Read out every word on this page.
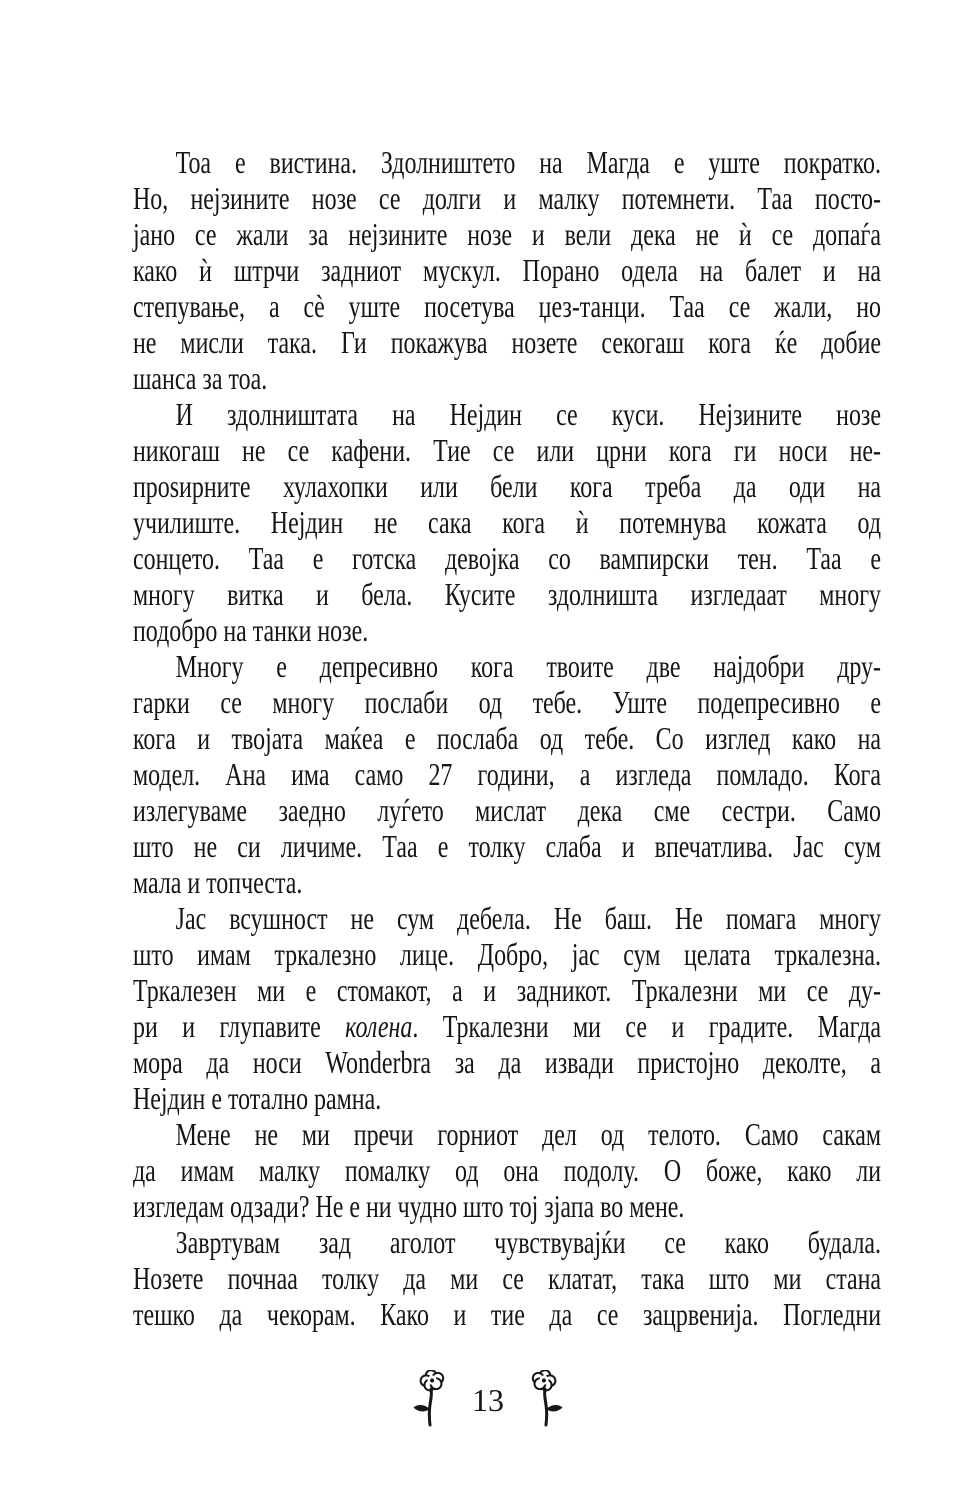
Тоа е вистина. Здолништето на Магда е уште пократко.
Но, нејзините нозе се долги и малку потемнети. Таа посто-
јано се жали за нејзините нозе и вели дека не ѝ се допаѓа
како ѝ штрчи задниот мускул. Порано одела на балет и на
степување, а сè уште посетува џез-танци. Таа се жали, но
не мисли така. Ги покажува нозете секогаш кога ќе добие
шанса за тоа.
И здолништата на Нејдин се куси. Нејзините нозе
никогаш не се кафени. Тие се или црни кога ги носи не-
проѕирните хулахопки или бели кога треба да оди на
училиште. Нејдин не сака кога ѝ потемнува кожата од
сонцето. Таа е готска девојка со вампирски тен. Таа е
многу витка и бела. Кусите здолништа изгледаат многу
подобро на танки нозе.
Многу е депресивно кога твоите две најдобри дру-
гарки се многу послаби од тебе. Уште подепресивно е
кога и твојата маќеа е послаба од тебе. Со изглед како на
модел. Ана има само 27 години, а изгледа помладо. Кога
излегуваме заедно луѓето мислат дека сме сестри. Само
што не си личиме. Таа е толку слаба и впечатлива. Јас сум
мала и топчеста.
Јас всушност не сум дебела. Не баш. Не помага многу
што имам тркалезно лице. Добро, јас сум целата тркалезна.
Тркалезен ми е стомакот, а и задникот. Тркалезни ми се ду-
ри и глупавите колена. Тркалезни ми се и градите. Магда
мора да носи Wonderbra за да извади пристојно деколте, а
Нејдин е тотално рамна.
Мене не ми пречи горниот дел од телото. Само сакам
да имам малку помалку од она подолу. О боже, како ли
изгледам одзади? Не е ни чудно што тој зјапа во мене.
Завртувам зад аголот чувствувајќи се како будала.
Нозете почнаа толку да ми се клатат, така што ми стана
тешко да чекорам. Како и тие да се зацрвенија. Погледни
13
